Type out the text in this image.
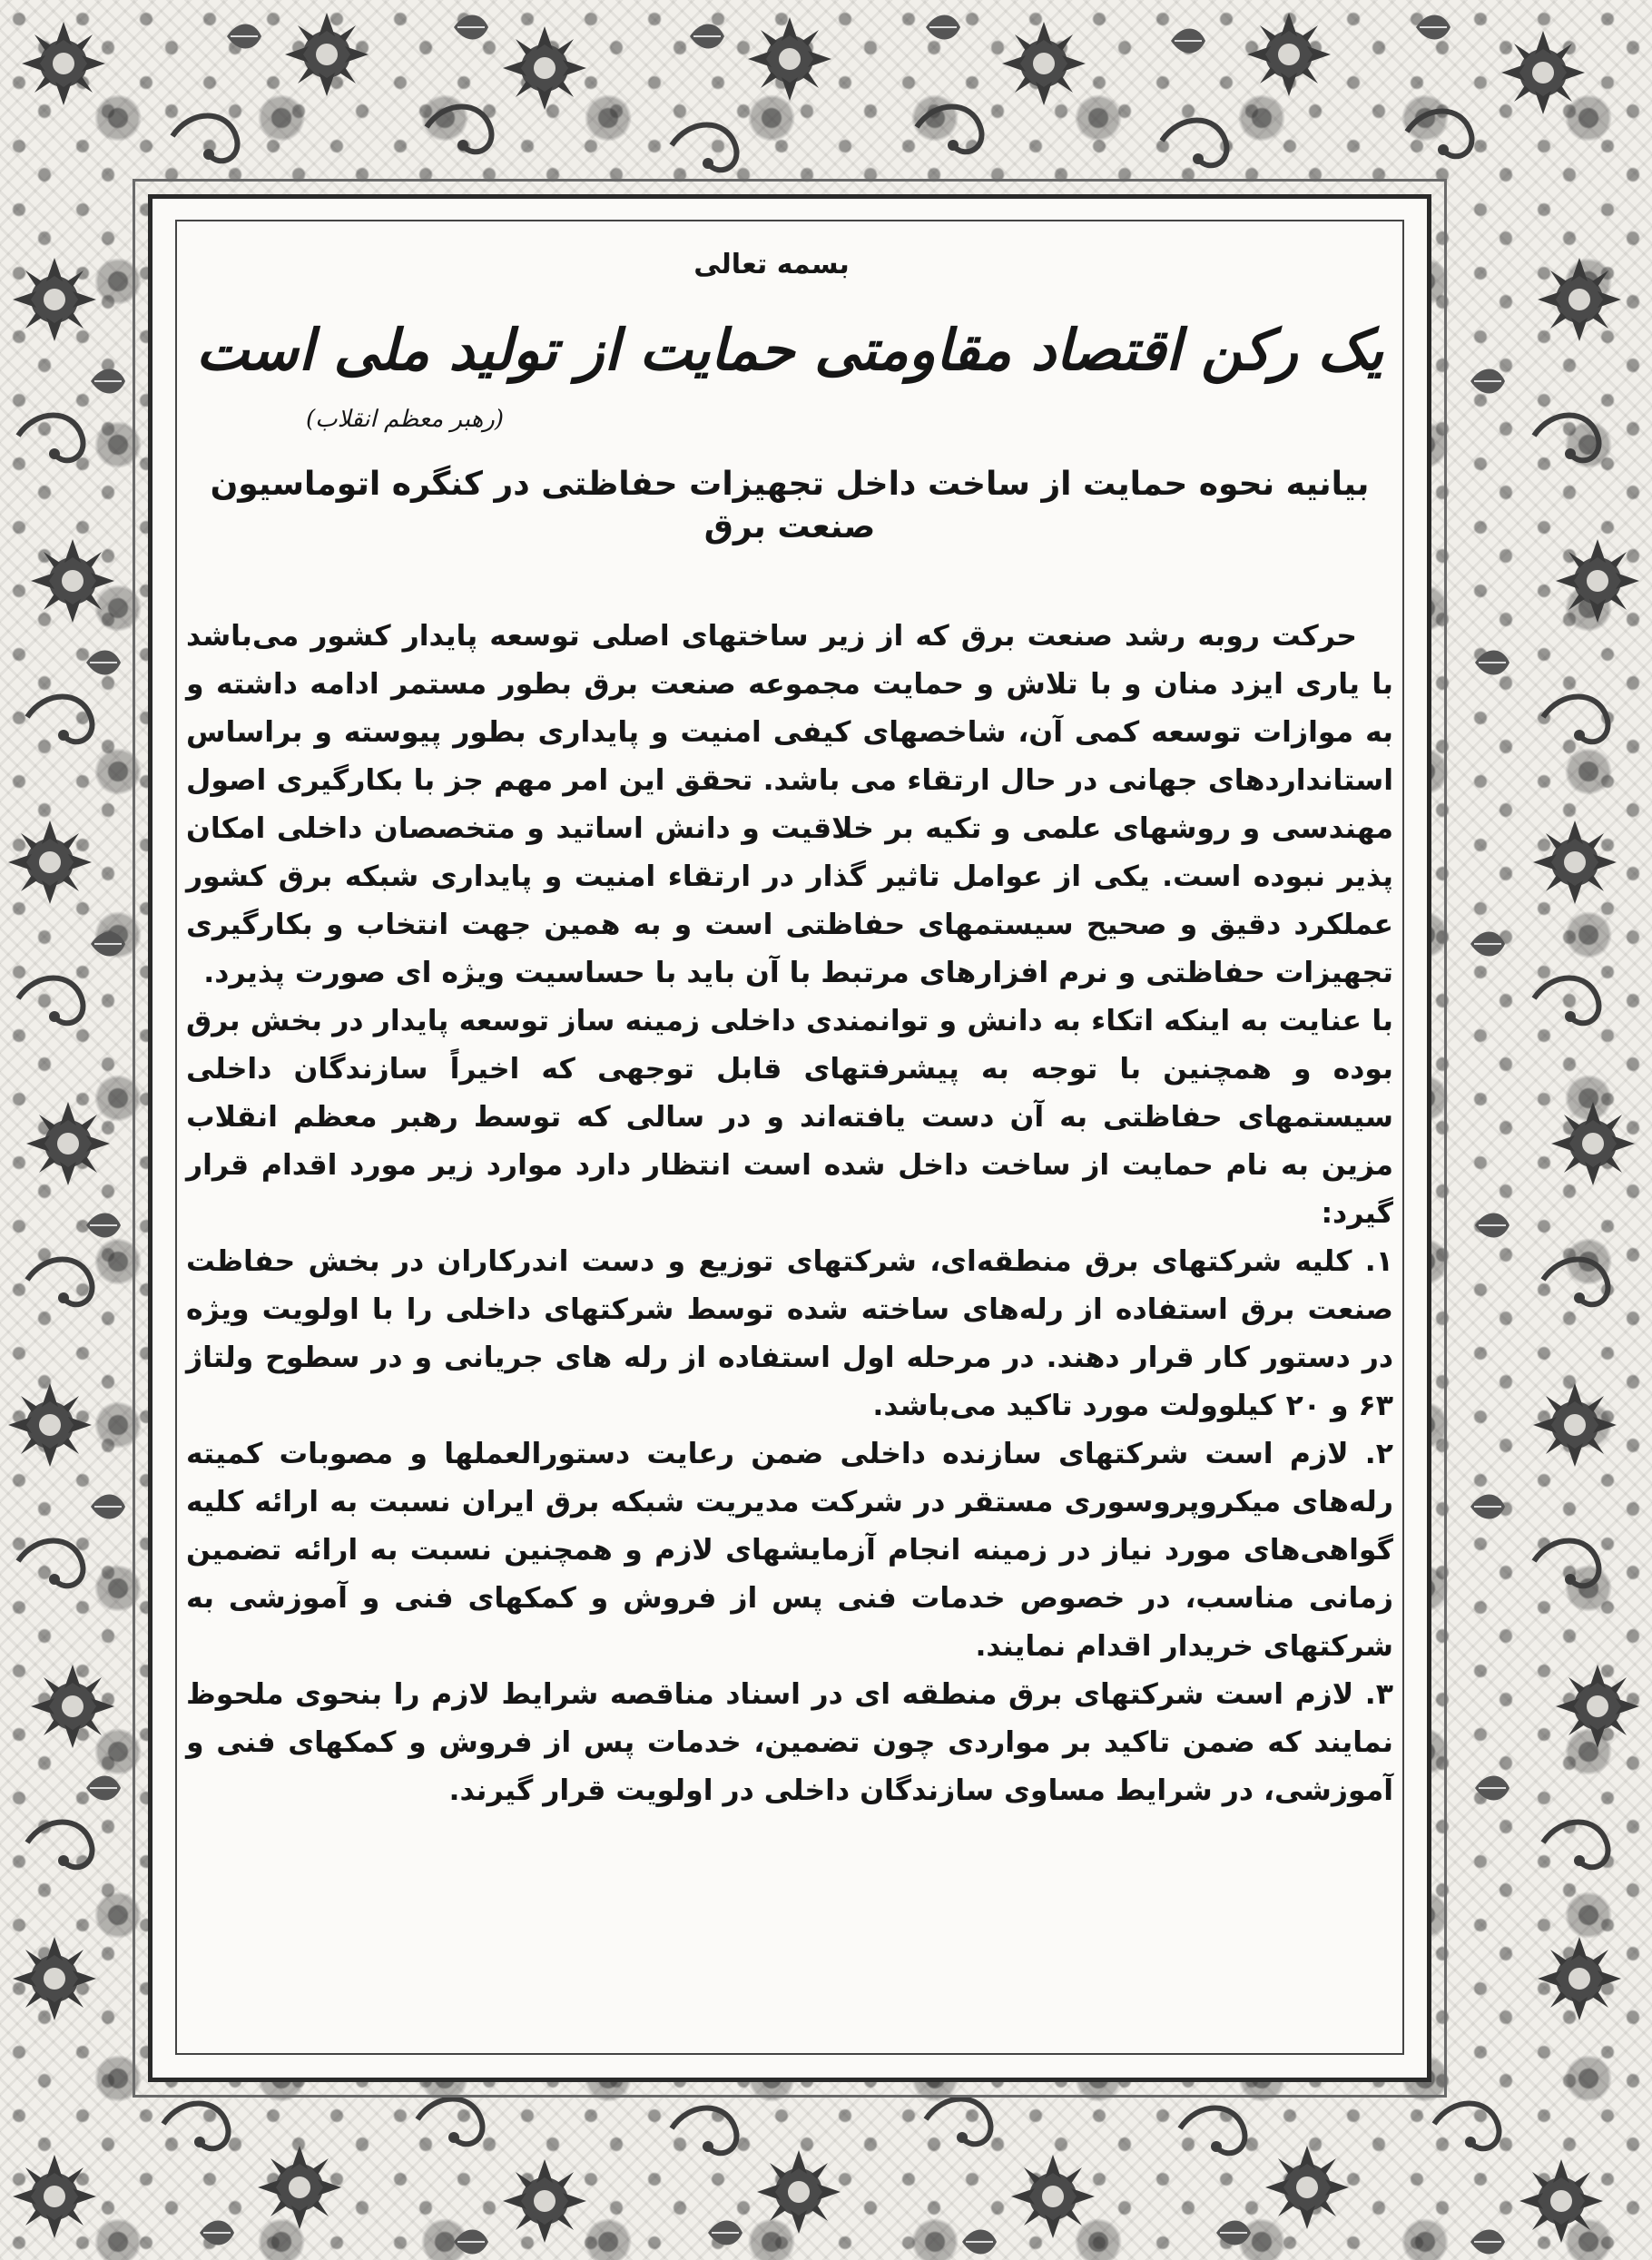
بسمه تعالی
یک رکن اقتصاد مقاومتی حمایت از تولید ملی است
(رهبر معظم انقلاب)
بیانیه نحوه حمایت از ساخت داخل تجهیزات حفاظتی در کنگره اتوماسیون صنعت برق

حرکت روبه رشد صنعت برق که از زیر ساختهای اصلی توسعه پایدار کشور می‌باشد با یاری ایزد منان و با تلاش و حمایت مجموعه صنعت برق بطور مستمر ادامه داشته و به موازات توسعه کمی آن، شاخصهای کیفی امنیت و پایداری بطور پیوسته و براساس استانداردهای جهانی در حال ارتقاء می باشد. تحقق این امر مهم جز با بکارگیری اصول مهندسی و روشهای علمی و تکیه بر خلاقیت و دانش اساتید و متخصصان داخلی امکان پذیر نبوده است. یکی از عوامل تاثیر گذار در ارتقاء امنیت و پایداری شبکه برق کشور عملکرد دقیق و صحیح سیستمهای حفاظتی است و به همین جهت انتخاب و بکارگیری تجهیزات حفاظتی و نرم افزارهای مرتبط با آن باید با حساسیت ویژه ای صورت پذیرد.

با عنایت به اینکه اتکاء به دانش و توانمندی داخلی زمینه ساز توسعه پایدار در بخش برق بوده و همچنین با توجه به پیشرفتهای قابل توجهی که اخیراً سازندگان داخلی سیستمهای حفاظتی به آن دست یافته‌اند و در سالی که توسط رهبر معظم انقلاب مزین به نام حمایت از ساخت داخل شده است انتظار دارد موارد زیر مورد اقدام قرار گیرد:

۱. کلیه شرکتهای برق منطقه‌ای، شرکتهای توزیع و دست اندرکاران در بخش حفاظت صنعت برق استفاده از رله‌های ساخته شده توسط شرکتهای داخلی را با اولویت ویژه در دستور کار قرار دهند. در مرحله اول استفاده از رله های جریانی و در سطوح ولتاژ ۶۳ و ۲۰ کیلوولت مورد تاکید می‌باشد.

۲. لازم است شرکتهای سازنده داخلی ضمن رعایت دستورالعملها و مصوبات کمیته رله‌های میکروپروسوری مستقر در شرکت مدیریت شبکه برق ایران نسبت به ارائه کلیه گواهی‌های مورد نیاز در زمینه انجام آزمایشهای لازم و همچنین نسبت به ارائه تضمین زمانی مناسب، در خصوص خدمات فنی پس از فروش و کمکهای فنی و آموزشی به شرکتهای خریدار اقدام نمایند.

۳. لازم است شرکتهای برق منطقه ای در اسناد مناقصه شرایط لازم را بنحوی ملحوظ نمایند که ضمن تاکید بر مواردی چون تضمین، خدمات پس از فروش و کمکهای فنی و آموزشی، در شرایط مساوی سازندگان داخلی در اولویت قرار گیرند.
